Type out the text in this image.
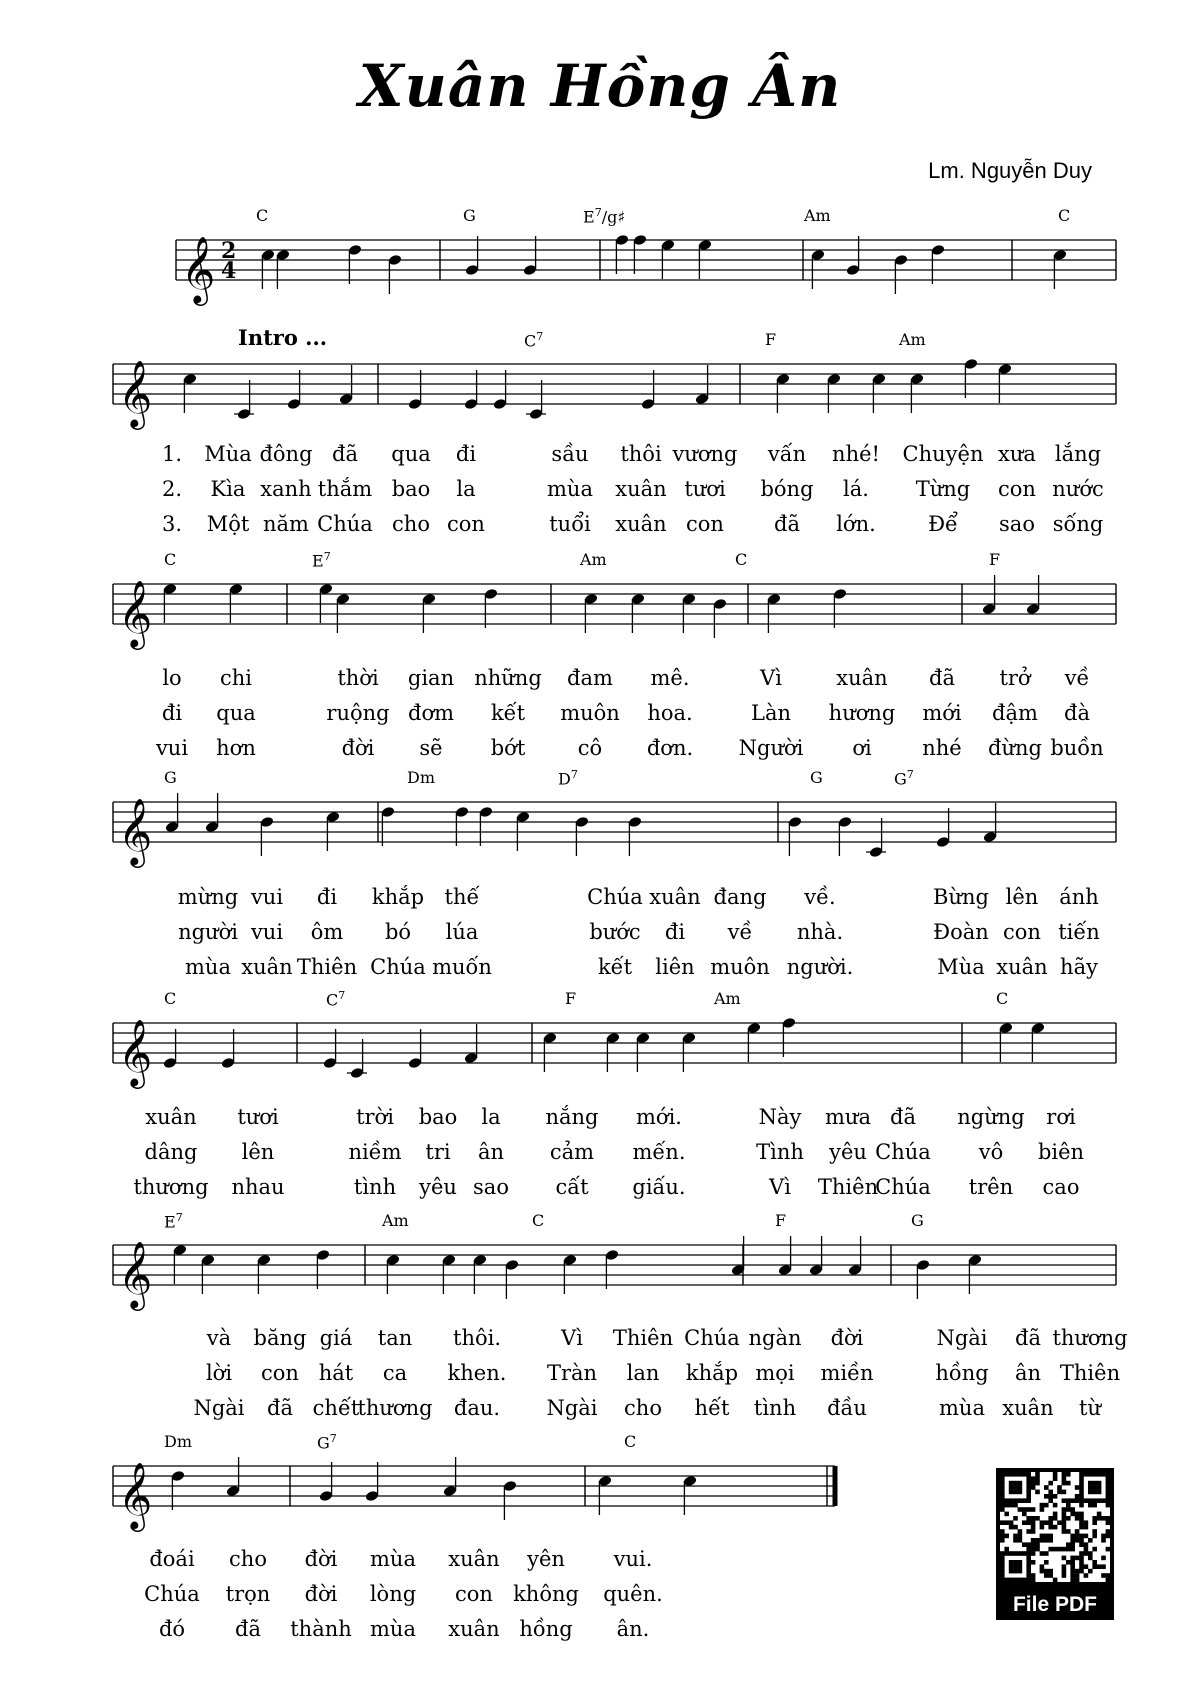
Xuân Hồng Ân
Lm. Nguyễn Duy
Intro ...
𝄞 2
4
C	G	$E^7/g♯$	Am	C
𝄞
$C^7$	F	Am
1. Mùa đông đã qua đi	sầu thôi vương vấn nhé! Chuyện xưa lắng
2. Kìa xanh thắm bao la	mùa xuân tươi bóng lá. Từng con nước
3. Một năm Chúa cho con	tuổi xuân con đã lớn. Để sao sống
𝄞
C	$E^7$	Am	C	F
lo chi	thời gian những đam mê.	Vì	xuân đã trở về
đi qua	ruộng đơm kết muôn hoa.	Làn hương mới đậm đà
vui hơn	đời sẽ bớt	cô đơn. Người ơi nhé đừng buồn
𝄞
G	Dm	$D^7$	G	$G^7$
mừng vui đi khắp thế	Chúa xuân đang về.	Bừng lên ánh
người vui ôm bó lúa	bước đi về nhà.	Đoàn con tiến
mùa xuân Thiên Chúa muốn	kết liên muôn người.	Mùa xuân hãy
𝄞
C	$C^7$	F	Am	C
xuân tươi	trời bao la nắng mới.	Này mưa đã ngừng rơi
dâng lên	niềm tri ân cảm mến.	Tình yêu Chúa vô biên
thương nhau	tình yêu sao cất giấu.	Vì Thiên
Chúa trên cao
𝄞
$E^7$	Am	C	F	G
và băng giá tan thôi.	Vì Thiên Chúa ngàn đời	Ngài đã thương
lời con hát ca khen. Tràn lan khắp mọi miền	hồng ân Thiên
Ngài đã chết
thương đau. Ngài cho hết tình đầu	mùa xuân từ
𝄞
Dm	$G^7$	C
đoái cho đời mùa xuân yên vui.
Chúa trọn đời lòng con không quên.
đó đã thành mùa xuân hồng ân.
File PDF
